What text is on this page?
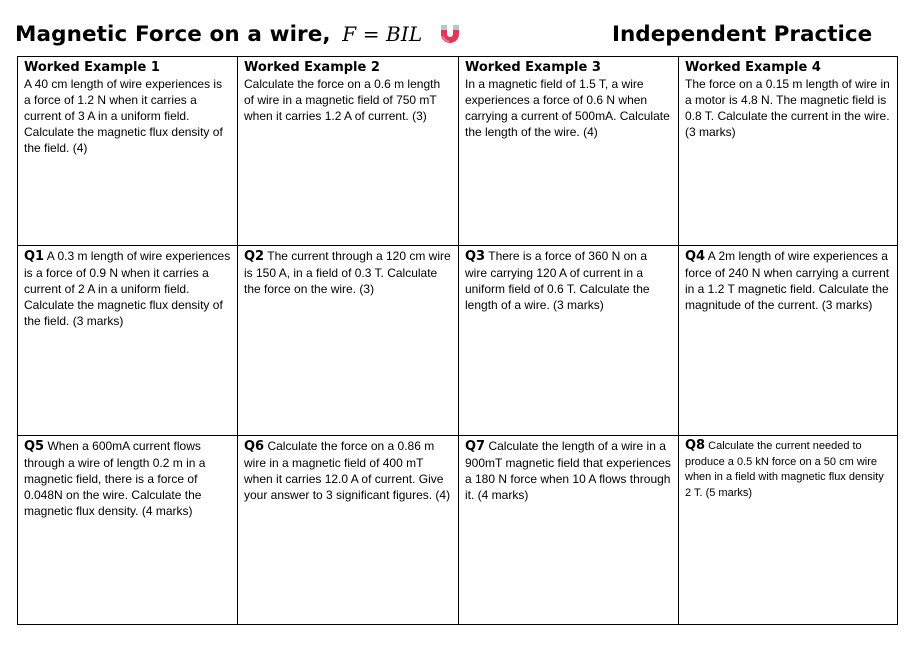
Magnetic Force on a wire, F = BIL	Independent Practice
Worked Example 1
A 40 cm length of wire experiences is a force of 1.2 N when it carries a current of 3 A in a uniform field. Calculate the magnetic flux density of the field. (4)
Worked Example 2
Calculate the force on a 0.6 m length of wire in a magnetic field of 750 mT when it carries 1.2 A of current. (3)
Worked Example 3
In a magnetic field of 1.5 T, a wire experiences a force of 0.6 N when carrying a current of 500mA. Calculate the length of the wire. (4)
Worked Example 4
The force on a 0.15 m length of wire in a motor is 4.8 N. The magnetic field is 0.8 T. Calculate the current in the wire. (3 marks)
Q1 A 0.3 m length of wire experiences is a force of 0.9 N when it carries a current of 2 A in a uniform field. Calculate the magnetic flux density of the field. (3 marks)
Q2 The current through a 120 cm wire is 150 A, in a field of 0.3 T. Calculate the force on the wire. (3)
Q3 There is a force of 360 N on a wire carrying 120 A of current in a uniform field of 0.6 T. Calculate the length of a wire. (3 marks)
Q4 A 2m length of wire experiences a force of 240 N when carrying a current in a 1.2 T magnetic field. Calculate the magnitude of the current. (3 marks)
Q5 When a 600mA current flows through a wire of length 0.2 m in a magnetic field, there is a force of 0.048N on the wire. Calculate the magnetic flux density. (4 marks)
Q6 Calculate the force on a 0.86 m wire in a magnetic field of 400 mT when it carries 12.0 A of current. Give your answer to 3 significant figures. (4)
Q7 Calculate the length of a wire in a 900mT magnetic field that experiences a 180 N force when 10 A flows through it. (4 marks)
Q8 Calculate the current needed to produce a 0.5 kN force on a 50 cm wire when in a field with magnetic flux density 2 T. (5 marks)
